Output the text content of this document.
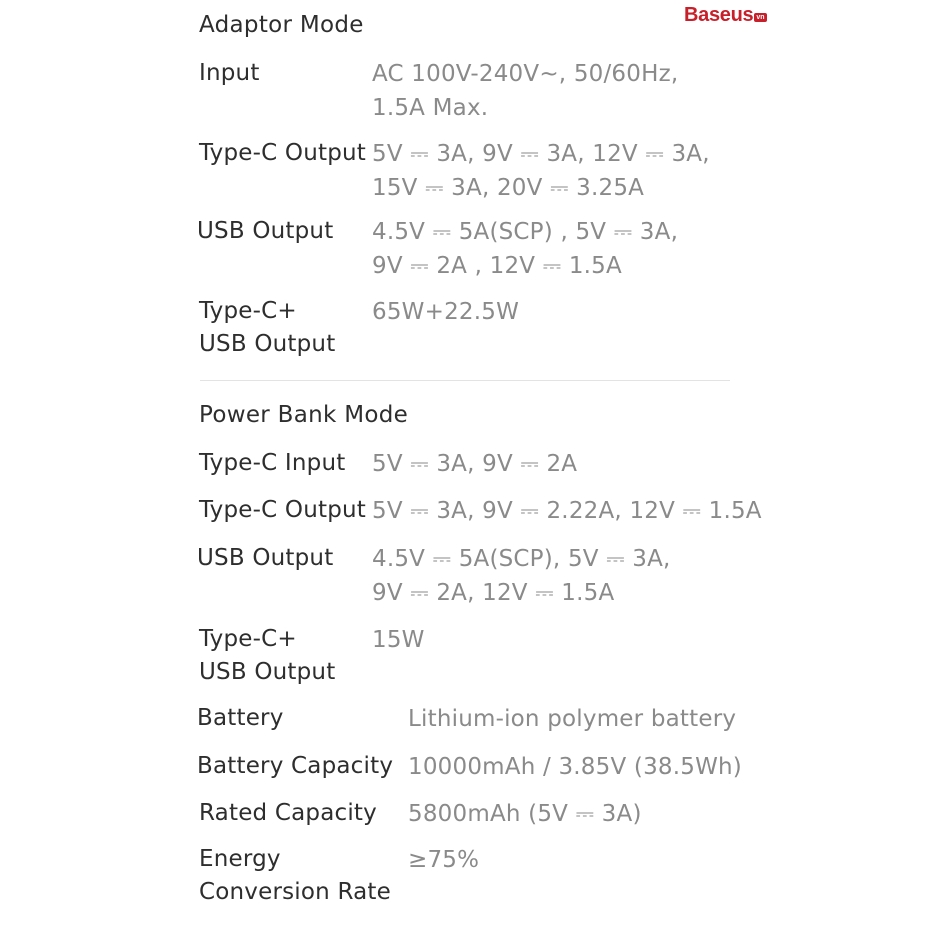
Baseus vn
Adaptor Mode
Input	AC 100V-240V~, 50/60Hz,
1.5A Max.
Type-C Output 5V ⎓ 3A, 9V ⎓ 3A, 12V ⎓ 3A,
15V ⎓ 3A, 20V ⎓ 3.25A
USB Output 4.5V ⎓ 5A(SCP) , 5V ⎓ 3A,
9V ⎓ 2A , 12V ⎓ 1.5A
Type-C+
USB Output
65W+22.5W
Power Bank Mode
Type-C Input 5V ⎓ 3A, 9V ⎓ 2A
Type-C Output 5V ⎓ 3A, 9V ⎓ 2.22A, 12V ⎓ 1.5A
USB Output 4.5V ⎓ 5A(SCP), 5V ⎓ 3A,
9V ⎓ 2A, 12V ⎓ 1.5A
Type-C+
USB Output
15W
Battery	Lithium-ion polymer battery
Battery Capacity 10000mAh / 3.85V (38.5Wh)
Rated Capacity 5800mAh (5V ⎓ 3A)
Energy
Conversion Rate
≥75%
